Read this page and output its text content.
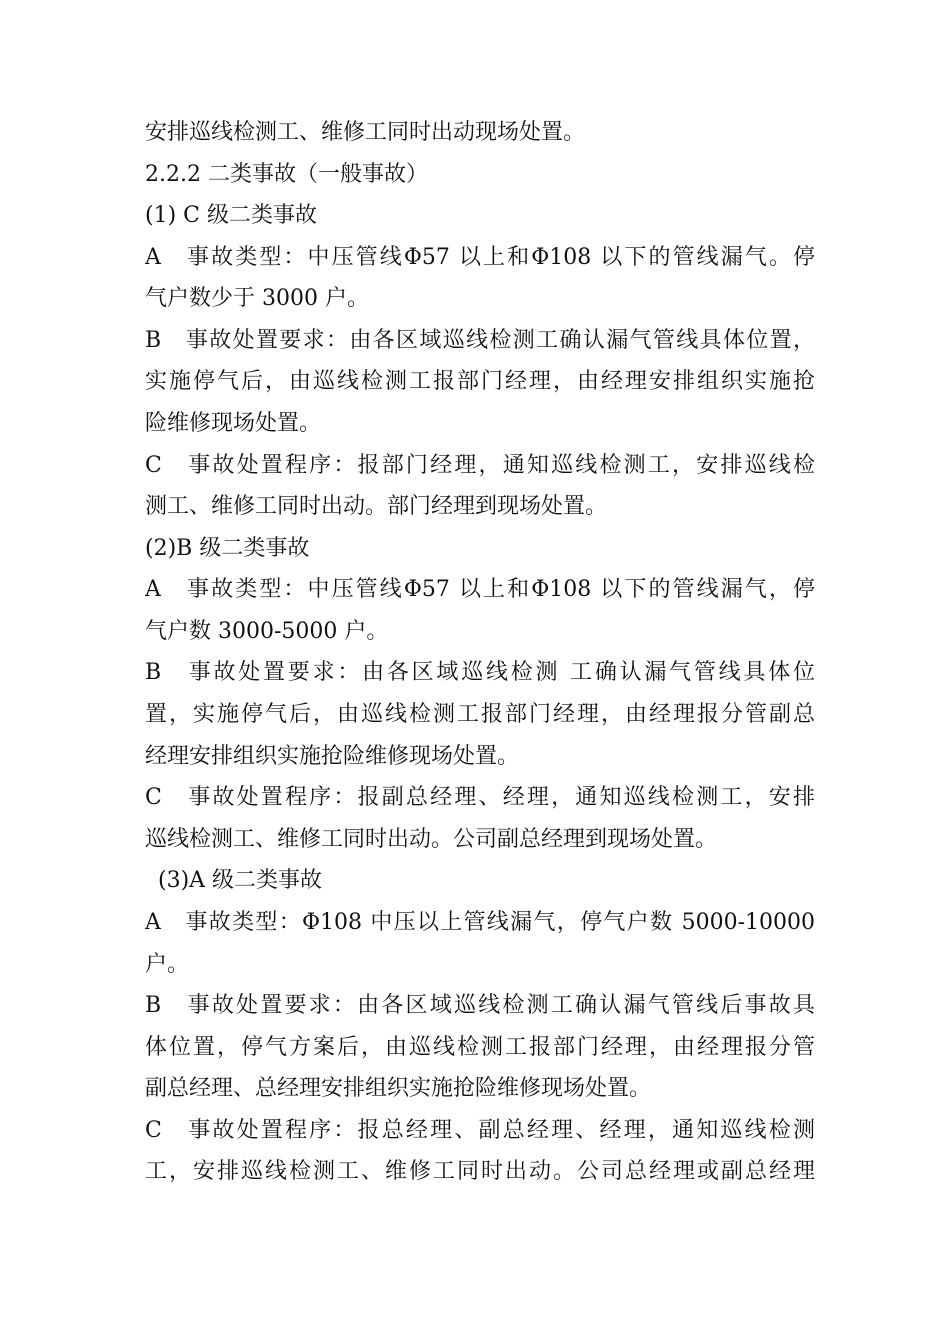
安排巡线检测工、维修工同时出动现场处置。
2.2.2 二类事故（一般事故）
(1) C 级二类事故
A　事故类型：中压管线Φ57 以上和Φ108 以下的管线漏气。停
气户数少于 3000 户。
B　事故处置要求：由各区域巡线检测工确认漏气管线具体位置，
实施停气后，由巡线检测工报部门经理，由经理安排组织实施抢
险维修现场处置。
C　事故处置程序：报部门经理，通知巡线检测工，安排巡线检
测工、维修工同时出动。部门经理到现场处置。
(2)B 级二类事故
A　事故类型：中压管线Φ57 以上和Φ108 以下的管线漏气，停
气户数 3000-5000 户。
B　事故处置要求：由各区域巡线检测 工确认漏气管线具体位
置，实施停气后，由巡线检测工报部门经理，由经理报分管副总
经理安排组织实施抢险维修现场处置。
C　事故处置程序：报副总经理、经理，通知巡线检测工，安排
巡线检测工、维修工同时出动。公司副总经理到现场处置。
(3)A 级二类事故
A　事故类型：Φ108 中压以上管线漏气，停气户数 5000-10000
户。
B　事故处置要求：由各区域巡线检测工确认漏气管线后事故具
体位置，停气方案后，由巡线检测工报部门经理，由经理报分管
副总经理、总经理安排组织实施抢险维修现场处置。
C　事故处置程序：报总经理、副总经理、经理，通知巡线检测
工，安排巡线检测工、维修工同时出动。公司总经理或副总经理
